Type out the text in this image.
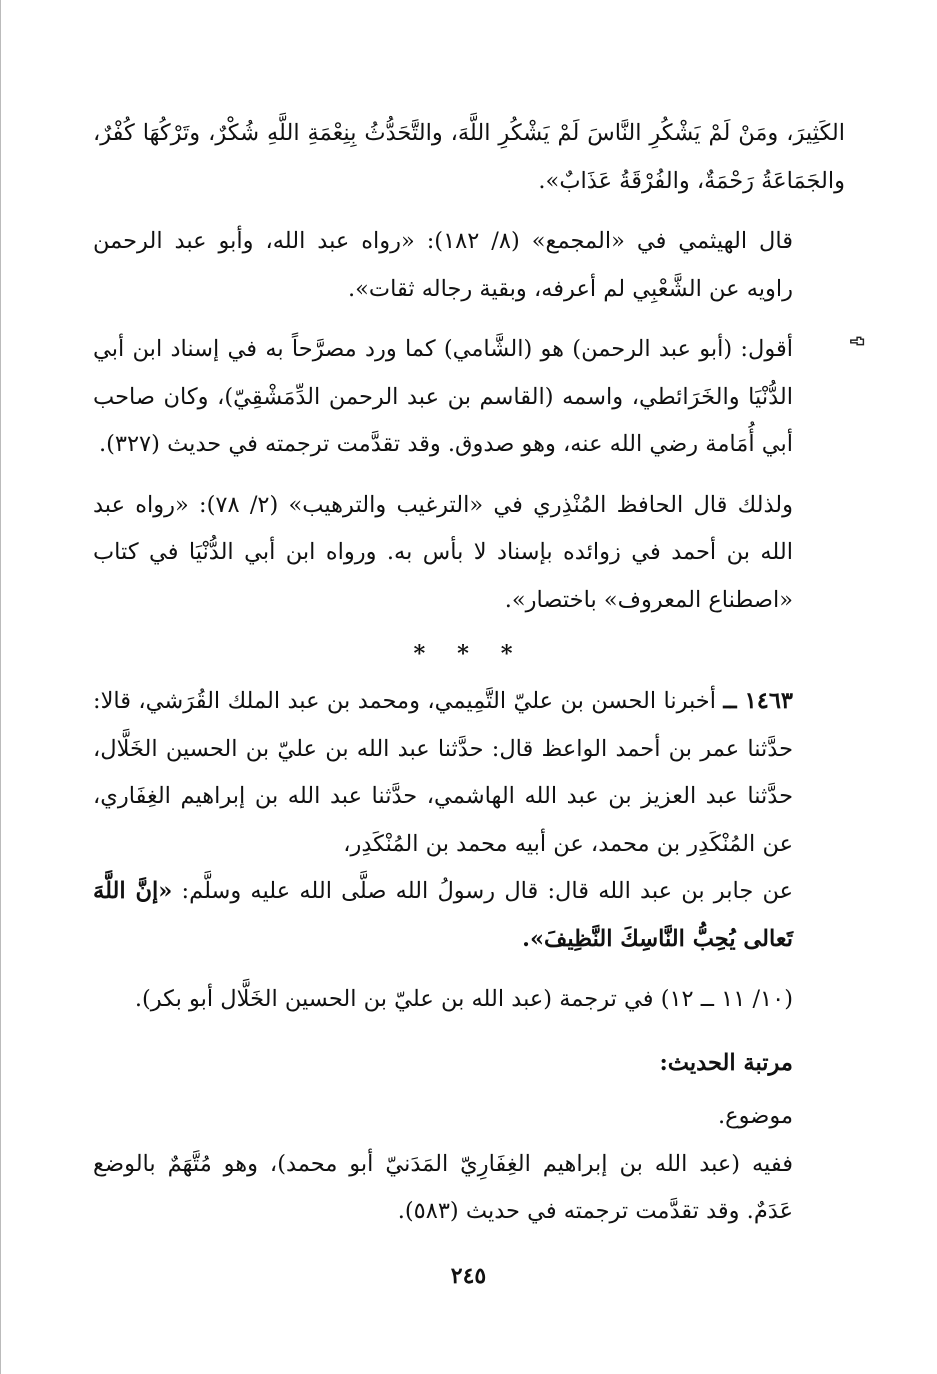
الكَثِيرَ، ومَنْ لَمْ يَشْكُرِ النَّاسَ لَمْ يَشْكُرِ اللَّهَ، والتَّحَدُّثُ بِنِعْمَةِ اللَّهِ شُكْرٌ، وتَرْكُهَا كُفْرٌ، والجَمَاعَةُ رَحْمَةٌ، والفُرْقَةُ عَذَابٌ».

قال الهيثمي في «المجمع» (٨/ ١٨٢): «رواه عبد الله، وأبو عبد الرحمن راويه عن الشَّعْبِي لم أعرفه، وبقية رجاله ثقات».

أقول: (أبو عبد الرحمن) هو (الشَّامي) كما ورد مصرَّحاً به في إسناد ابن أبي الدُّنْيَا والخَرَائطي، واسمه (القاسم بن عبد الرحمن الدِّمَشْقِيّ)، وكان صاحب أبي أُمَامة رضي الله عنه، وهو صدوق. وقد تقدَّمت ترجمته في حديث (٣٢٧).

ولذلك قال الحافظ المُنْذِري في «الترغيب والترهيب» (٢/ ٧٨): «رواه عبد الله بن أحمد في زوائده بإسناد لا بأس به. ورواه ابن أبي الدُّنْيَا في كتاب «اصطناع المعروف» باختصار».

* * *

١٤٦٣ ــ أخبرنا الحسن بن عليّ التَّمِيمي، ومحمد بن عبد الملك القُرَشي، قالا: حدَّثنا عمر بن أحمد الواعظ قال: حدَّثنا عبد الله بن عليّ بن الحسين الخَلَّال، حدَّثنا عبد العزيز بن عبد الله الهاشمي، حدَّثنا عبد الله بن إبراهيم الغِفَاري، عن المُنْكَدِر بن محمد، عن أبيه محمد بن المُنْكَدِر،

عن جابر بن عبد الله قال: قال رسولُ الله صلَّى الله عليه وسلَّم: «إنَّ اللَّهَ تَعالى يُحِبُّ النَّاسِكَ النَّظِيفَ».

(١٠/ ١١ ــ ١٢) في ترجمة (عبد الله بن عليّ بن الحسين الخَلَّال أبو بكر).

مرتبة الحديث:

موضوع.

ففيه (عبد الله بن إبراهيم الغِفَارِيّ المَدَنيّ أبو محمد)، وهو مُتَّهَمٌ بالوضع عَدَمٌ. وقد تقدَّمت ترجمته في حديث (٥٨٣).

٢٤٥
